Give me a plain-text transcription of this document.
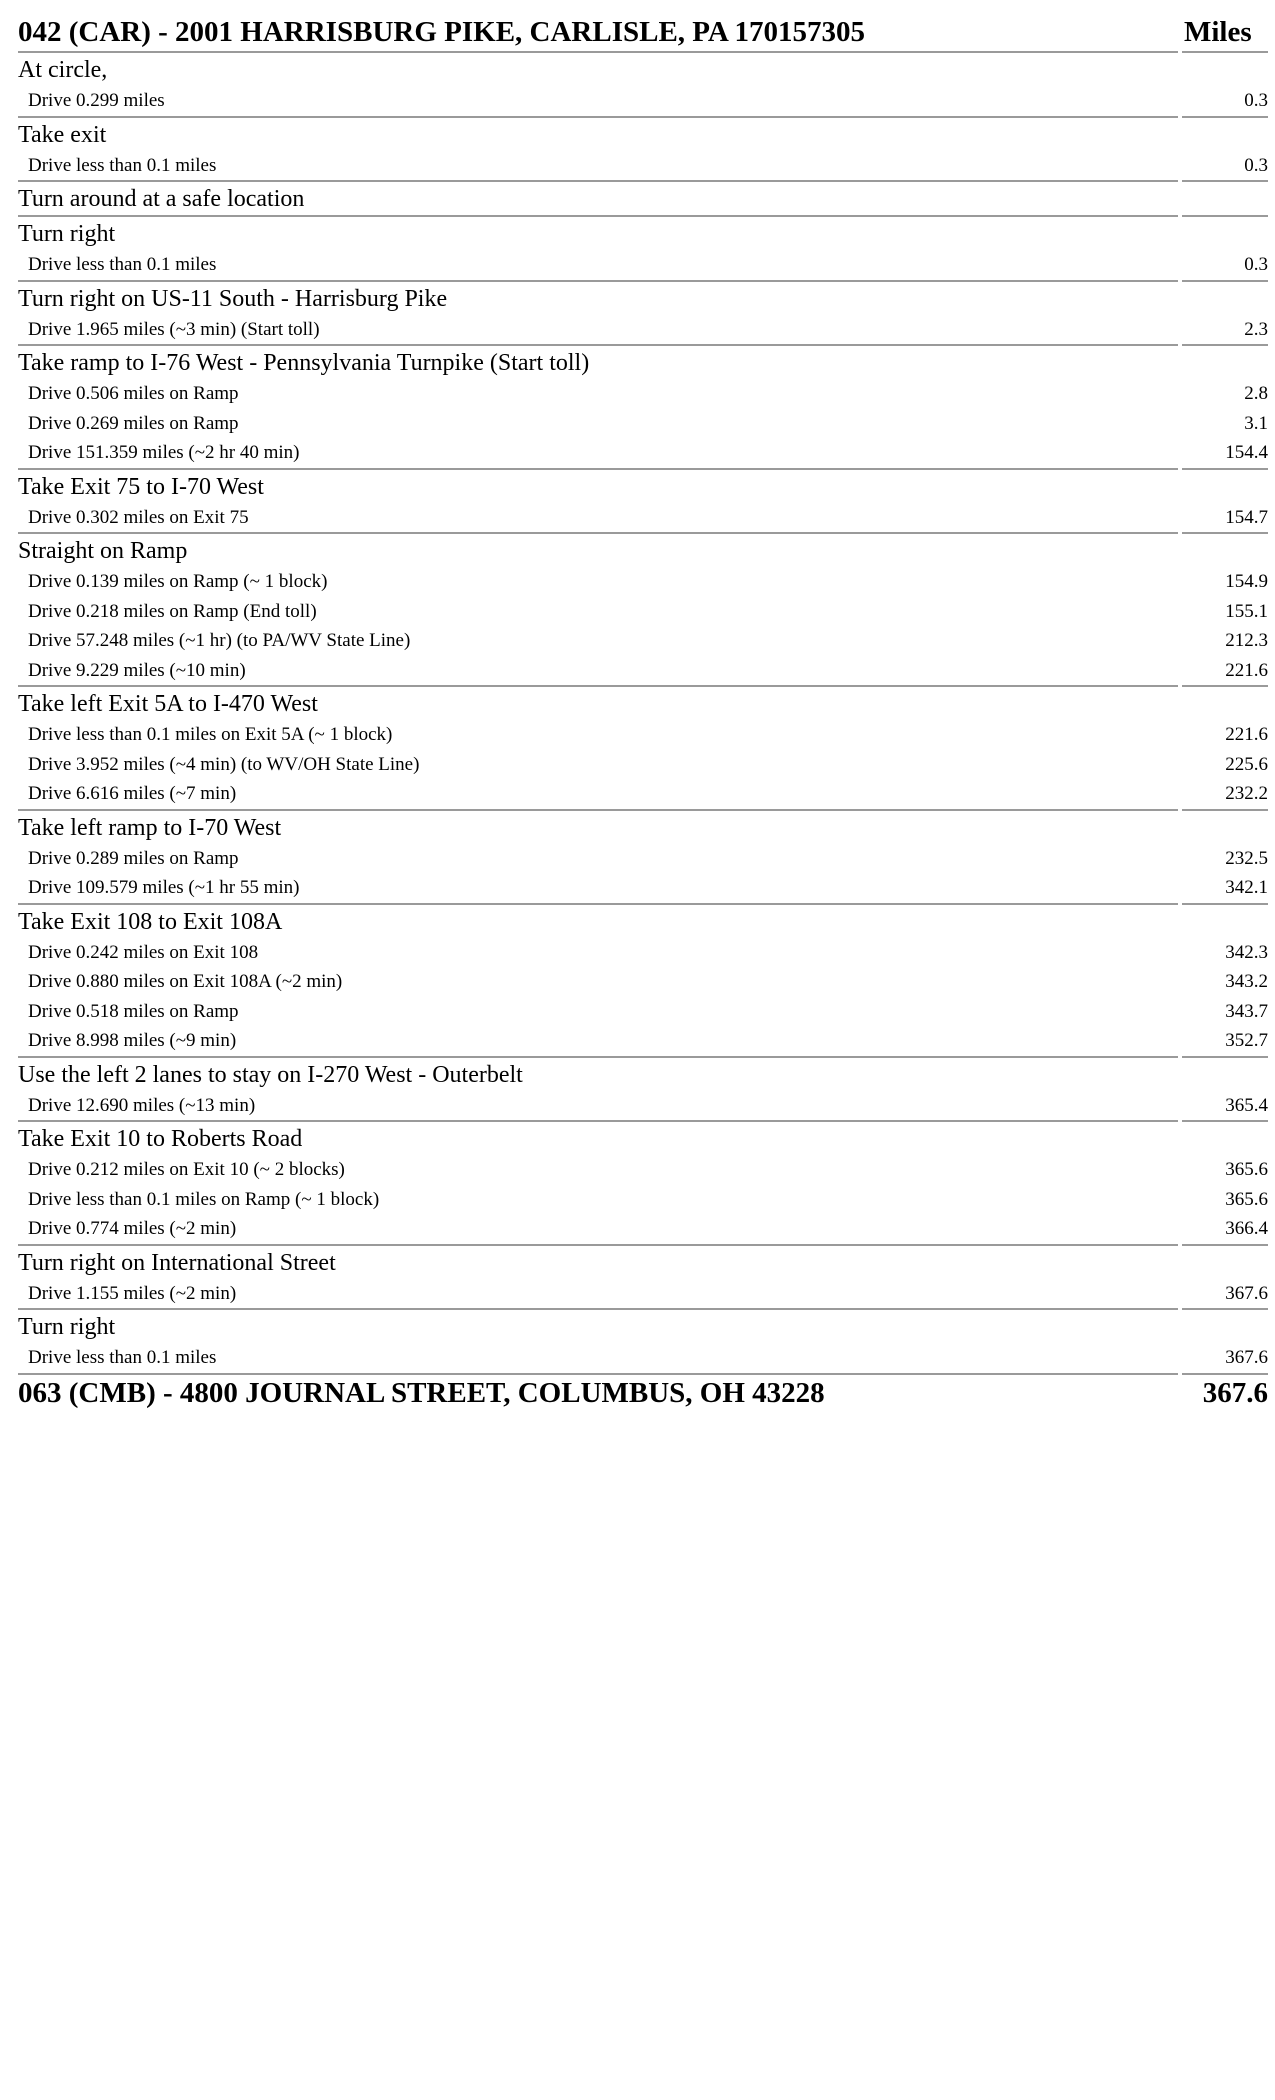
042 (CAR) - 2001 HARRISBURG PIKE, CARLISLE, PA 170157305	Miles
At circle,	
Drive 0.299 miles	0.3
Take exit	
Drive less than 0.1 miles	0.3
Turn around at a safe location	
Turn right	
Drive less than 0.1 miles	0.3
Turn right on US-11 South - Harrisburg Pike	
Drive 1.965 miles (~3 min) (Start toll)	2.3
Take ramp to I-76 West - Pennsylvania Turnpike (Start toll)	
Drive 0.506 miles on Ramp	2.8
Drive 0.269 miles on Ramp	3.1
Drive 151.359 miles (~2 hr 40 min)	154.4
Take Exit 75 to I-70 West	
Drive 0.302 miles on Exit 75	154.7
Straight on Ramp	
Drive 0.139 miles on Ramp (~ 1 block)	154.9
Drive 0.218 miles on Ramp (End toll)	155.1
Drive 57.248 miles (~1 hr) (to PA/WV State Line)	212.3
Drive 9.229 miles (~10 min)	221.6
Take left Exit 5A to I-470 West	
Drive less than 0.1 miles on Exit 5A (~ 1 block)	221.6
Drive 3.952 miles (~4 min) (to WV/OH State Line)	225.6
Drive 6.616 miles (~7 min)	232.2
Take left ramp to I-70 West	
Drive 0.289 miles on Ramp	232.5
Drive 109.579 miles (~1 hr 55 min)	342.1
Take Exit 108 to Exit 108A	
Drive 0.242 miles on Exit 108	342.3
Drive 0.880 miles on Exit 108A (~2 min)	343.2
Drive 0.518 miles on Ramp	343.7
Drive 8.998 miles (~9 min)	352.7
Use the left 2 lanes to stay on I-270 West - Outerbelt	
Drive 12.690 miles (~13 min)	365.4
Take Exit 10 to Roberts Road	
Drive 0.212 miles on Exit 10 (~ 2 blocks)	365.6
Drive less than 0.1 miles on Ramp (~ 1 block)	365.6
Drive 0.774 miles (~2 min)	366.4
Turn right on International Street	
Drive 1.155 miles (~2 min)	367.6
Turn right	
Drive less than 0.1 miles	367.6
063 (CMB) - 4800 JOURNAL STREET, COLUMBUS, OH 43228	367.6
